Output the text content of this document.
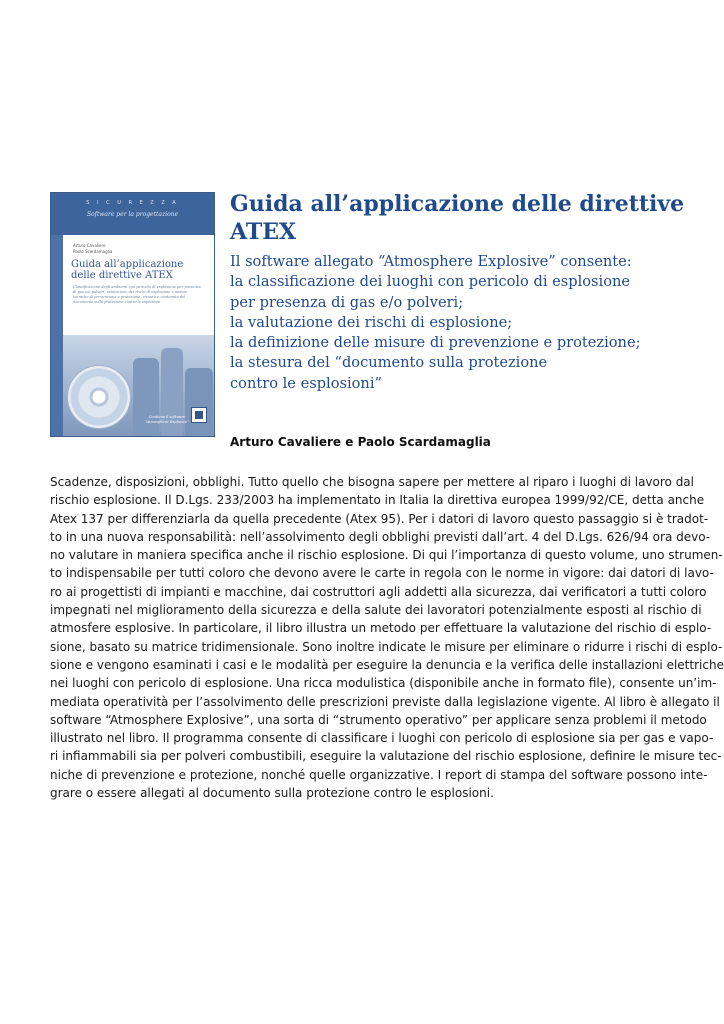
S I C U R E Z Z A
Software per la progettazione
Arturo Cavaliere
Paolo Scardamaglia
Guida all’applicazione
delle direttive ATEX
Classificazione degli ambienti con pericolo di esplosione per presenza di gas e/o polveri, valutazione dei rischi di esplosione e misure tecniche di prevenzione e protezione, stesura e contenuto del documento sulla protezione contro le esplosioni
Contiene il software “Atmosphere Explosive”
Guida all’applicazione delle direttive ATEX
Il software allegato “Atmosphere Explosive” consente:
la classificazione dei luoghi con pericolo di esplosione
per presenza di gas e/o polveri;
la valutazione dei rischi di esplosione;
la definizione delle misure di prevenzione e protezione;
la stesura del “documento sulla protezione
contro le esplosioni”
Arturo Cavaliere e Paolo Scardamaglia
Scadenze, disposizioni, obblighi. Tutto quello che bisogna sapere per mettere al riparo i luoghi di lavoro dal
rischio esplosione. Il D.Lgs. 233/2003 ha implementato in Italia la direttiva europea 1999/92/CE, detta anche
Atex 137 per differenziarla da quella precedente (Atex 95). Per i datori di lavoro questo passaggio si è tradot-
to in una nuova responsabilità: nell’assolvimento degli obblighi previsti dall’art. 4 del D.Lgs. 626/94 ora devo-
no valutare in maniera specifica anche il rischio esplosione. Di qui l’importanza di questo volume, uno strumen-
to indispensabile per tutti coloro che devono avere le carte in regola con le norme in vigore: dai datori di lavo-
ro ai progettisti di impianti e macchine, dai costruttori agli addetti alla sicurezza, dai verificatori a tutti coloro
impegnati nel miglioramento della sicurezza e della salute dei lavoratori potenzialmente esposti al rischio di
atmosfere esplosive. In particolare, il libro illustra un metodo per effettuare la valutazione del rischio di esplo-
sione, basato su matrice tridimensionale. Sono inoltre indicate le misure per eliminare o ridurre i rischi di esplo-
sione e vengono esaminati i casi e le modalità per eseguire la denuncia e la verifica delle installazioni elettriche
nei luoghi con pericolo di esplosione. Una ricca modulistica (disponibile anche in formato file), consente un’im-
mediata operatività per l’assolvimento delle prescrizioni previste dalla legislazione vigente. Al libro è allegato il
software “Atmosphere Explosive”, una sorta di “strumento operativo” per applicare senza problemi il metodo
illustrato nel libro. Il programma consente di classificare i luoghi con pericolo di esplosione sia per gas e vapo-
ri infiammabili sia per polveri combustibili, eseguire la valutazione del rischio esplosione, definire le misure tec-
niche di prevenzione e protezione, nonché quelle organizzative. I report di stampa del software possono inte-
grare o essere allegati al documento sulla protezione contro le esplosioni.
